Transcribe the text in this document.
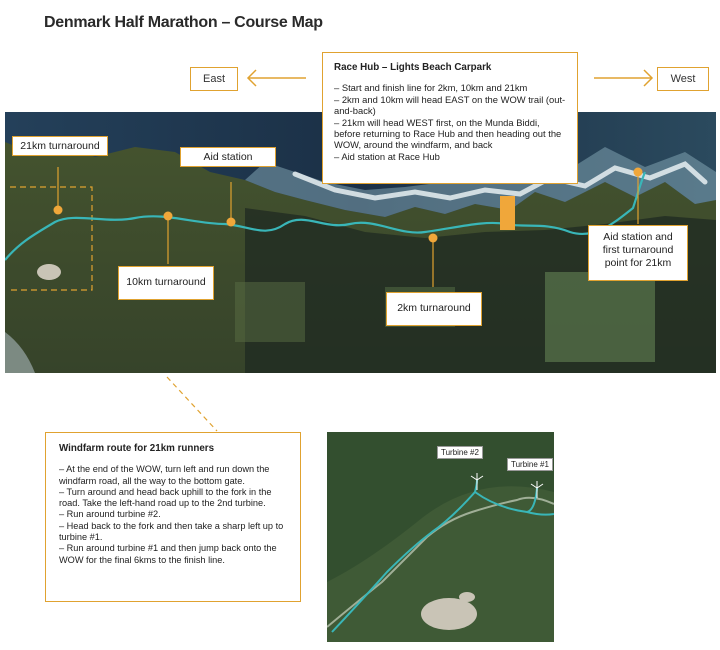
Denmark Half Marathon – Course Map
East	West
21km turnaround
Aid station
10km turnaround
2km turnaround
Aid station and first turnaround point for 21km

Race Hub – Lights Beach Carpark

– Start and finish line for 2km, 10km and 21km
– 2km and 10km will head EAST on the WOW trail (out-and-back)
– 21km will head WEST first, on the Munda Biddi, before returning to Race Hub and then heading out the WOW, around the windfarm, and back
– Aid station at Race Hub

Windfarm route for 21km runners

– At the end of the WOW, turn left and run down the windfarm road, all the way to the bottom gate.
– Turn around and head back uphill to the fork in the road. Take the left-hand road up to the 2nd turbine.
– Run around turbine #2.
– Head back to the fork and then take a sharp left up to turbine #1.
– Run around turbine #1 and then jump back onto the WOW for the final 6kms to the finish line.
Turbine #2
Turbine #1
